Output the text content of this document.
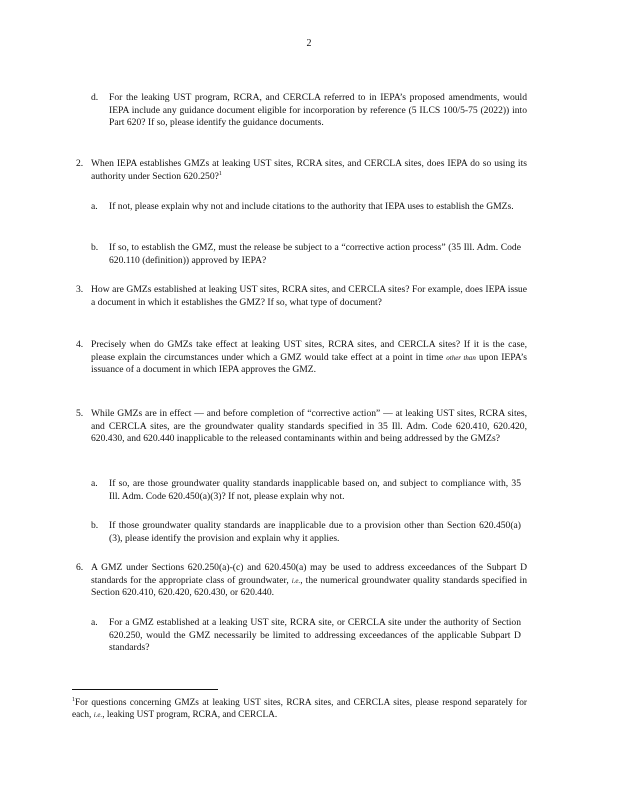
2
d. For the leaking UST program, RCRA, and CERCLA referred to in IEPA’s proposed amendments, would IEPA include any guidance document eligible for incorporation by reference (5 ILCS 100/5-75 (2022)) into Part 620? If so, please identify the guidance documents.
2. When IEPA establishes GMZs at leaking UST sites, RCRA sites, and CERCLA sites, does IEPA do so using its authority under Section 620.250?$^1$
a. If not, please explain why not and include citations to the authority that IEPA uses to establish the GMZs.
b. If so, to establish the GMZ, must the release be subject to a “corrective action process” (35 Ill. Adm. Code 620.110 (definition)) approved by IEPA?
3. How are GMZs established at leaking UST sites, RCRA sites, and CERCLA sites? For example, does IEPA issue a document in which it establishes the GMZ? If so, what type of document?
4. Precisely when do GMZs take effect at leaking UST sites, RCRA sites, and CERCLA sites? If it is the case, please explain the circumstances under which a GMZ would take effect at a point in time other than upon IEPA’s issuance of a document in which IEPA approves the GMZ.
5. While GMZs are in effect — and before completion of “corrective action” — at leaking UST sites, RCRA sites, and CERCLA sites, are the groundwater quality standards specified in 35 Ill. Adm. Code 620.410, 620.420, 620.430, and 620.440 inapplicable to the released contaminants within and being addressed by the GMZs?
a. If so, are those groundwater quality standards inapplicable based on, and subject to compliance with, 35 Ill. Adm. Code 620.450(a)(3)? If not, please explain why not.
b. If those groundwater quality standards are inapplicable due to a provision other than Section 620.450(a)(3), please identify the provision and explain why it applies.
6. A GMZ under Sections 620.250(a)-(c) and 620.450(a) may be used to address exceedances of the Subpart D standards for the appropriate class of groundwater, i.e., the numerical groundwater quality standards specified in Section 620.410, 620.420, 620.430, or 620.440.
a. For a GMZ established at a leaking UST site, RCRA site, or CERCLA site under the authority of Section 620.250, would the GMZ necessarily be limited to addressing exceedances of the applicable Subpart D standards?
$^1$For questions concerning GMZs at leaking UST sites, RCRA sites, and CERCLA sites, please respond separately for each, i.e., leaking UST program, RCRA, and CERCLA.
